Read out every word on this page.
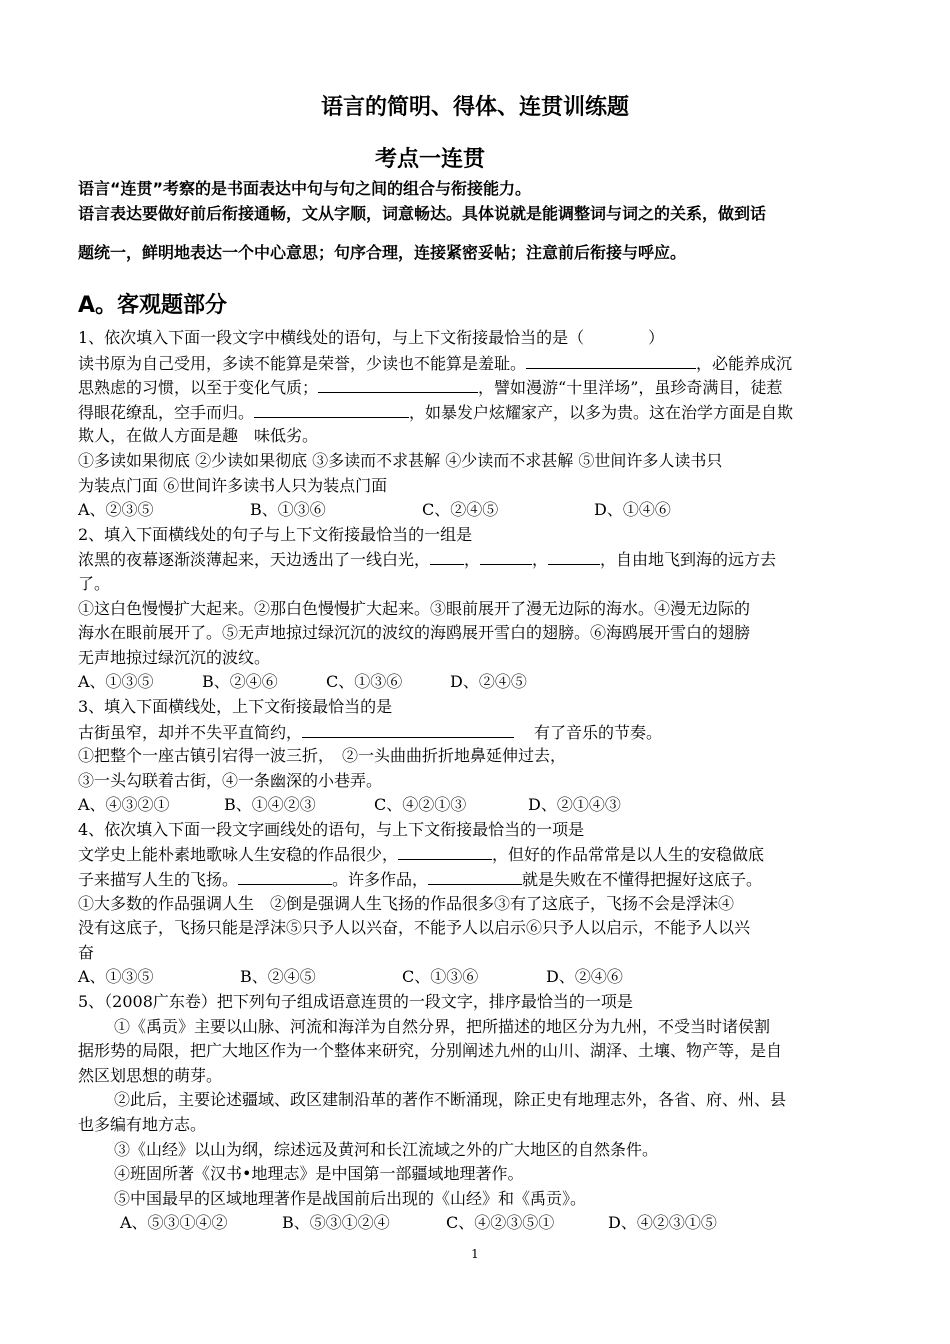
语言的简明、得体、连贯训练题
考点一连贯
语言“连贯”考察的是书面表达中句与句之间的组合与衔接能力。
语言表达要做好前后衔接通畅，文从字顺，词意畅达。具体说就是能调整词与词之的关系，做到话
题统一，鲜明地表达一个中心意思；句序合理，连接紧密妥帖；注意前后衔接与呼应。
A。客观题部分
1、依次填入下面一段文字中横线处的语句，与上下文衔接最恰当的是（　　　　）
读书原为自己受用，多读不能算是荣誉，少读也不能算是羞耻。	，必能养成沉
思熟虑的习惯，以至于变化气质；	，譬如漫游“十里洋场”，虽珍奇满目，徒惹
得眼花缭乱，空手而归。	，如暴发户炫耀家产，以多为贵。这在治学方面是自欺
欺人，在做人方面是趣　味低劣。
①多读如果彻底 ②少读如果彻底 ③多读而不求甚解 ④少读而不求甚解 ⑤世间许多人读书只
为装点门面 ⑥世间许多读书人只为装点门面
A、②③⑤	B、①③⑥	C、②④⑤	D、①④⑥
2、填入下面横线处的句子与上下文衔接最恰当的一组是
浓黑的夜幕逐渐淡薄起来，天边透出了一线白光， ，	，	，自由地飞到海的远方去
了。
①这白色慢慢扩大起来。②那白色慢慢扩大起来。③眼前展开了漫无边际的海水。④漫无边际的
海水在眼前展开了。⑤无声地掠过绿沉沉的波纹的海鸥展开雪白的翅膀。⑥海鸥展开雪白的翅膀
无声地掠过绿沉沉的波纹。
A、①③⑤	B、②④⑥	C、①③⑥	D、②④⑤
3、填入下面横线处，上下文衔接最恰当的是
古街虽窄，却并不失平直简约，	有了音乐的节奏。
①把整个一座古镇引宕得一波三折，　②一头曲曲折折地鼻延伸过去，
③一头勾联着古街，④一条幽深的小巷弄。
A、④③②①	B、①④②③	C、④②①③	D、②①④③
4、依次填入下面一段文字画线处的语句，与上下文衔接最恰当的一项是
文学史上能朴素地歌咏人生安稳的作品很少，	，但好的作品常常是以人生的安稳做底
子来描写人生的飞扬。	。许多作品，	就是失败在不懂得把握好这底子。
①大多数的作品强调人生　②倒是强调人生飞扬的作品很多③有了这底子，飞扬不会是浮沫④
没有这底子，飞扬只能是浮沫⑤只予人以兴奋，不能予人以启示⑥只予人以启示，不能予人以兴
奋
A、①③⑤	B、②④⑤	C、①③⑥	D、②④⑥
5、（2008广东卷）把下列句子组成语意连贯的一段文字，排序最恰当的一项是
①《禹贡》主要以山脉、河流和海洋为自然分界，把所描述的地区分为九州，不受当时诸侯割
据形势的局限，把广大地区作为一个整体来研究，分别阐述九州的山川、湖泽、土壤、物产等，是自
然区划思想的萌芽。
②此后，主要论述疆域、政区建制沿革的著作不断涌现，除正史有地理志外，各省、府、州、县
也多编有地方志。
③《山经》以山为纲，综述远及黄河和长江流域之外的广大地区的自然条件。
④班固所著《汉书•地理志》是中国第一部疆域地理著作。
⑤中国最早的区域地理著作是战国前后出现的《山经》和《禹贡》。
A、⑤③①④②	B、⑤③①②④	C、④②③⑤①	D、④②③①⑤
1
